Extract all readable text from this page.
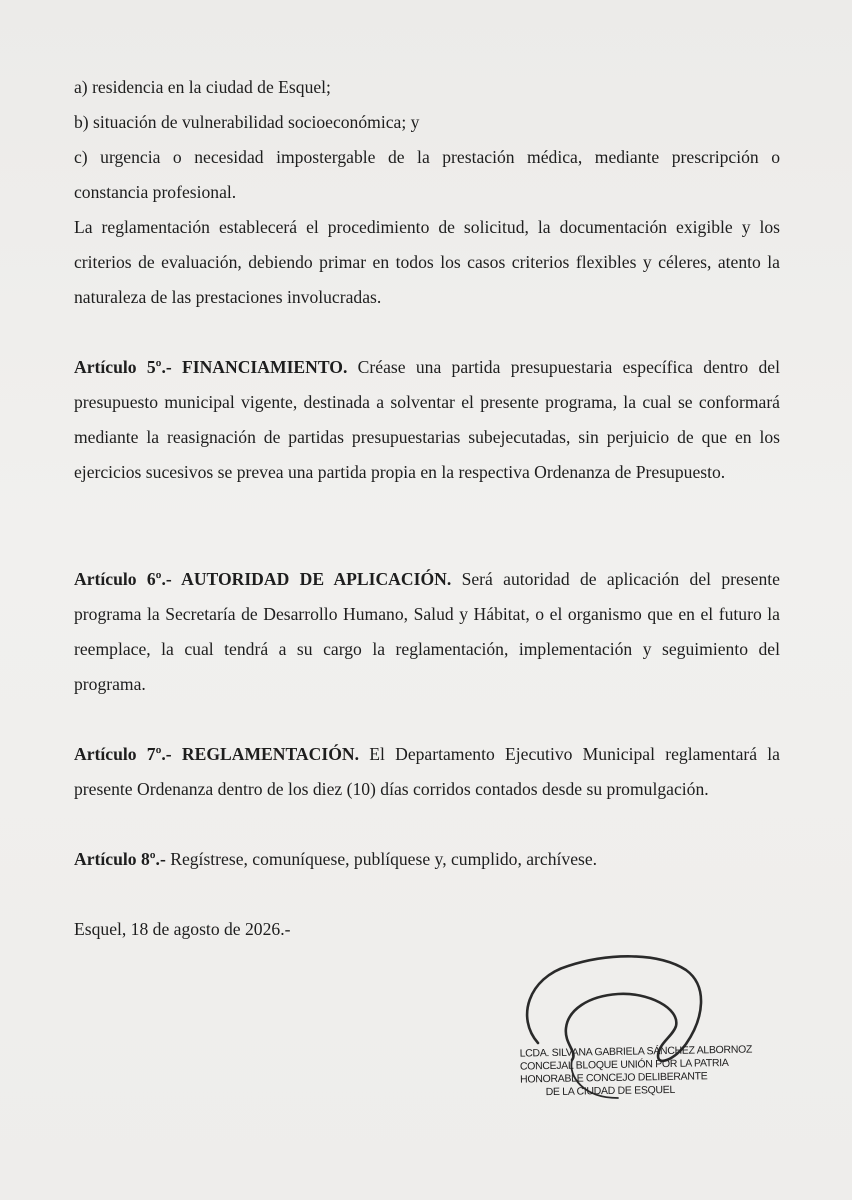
a) residencia en la ciudad de Esquel;

b) situación de vulnerabilidad socioeconómica; y

c) urgencia o necesidad impostergable de la prestación médica, mediante prescripción o

constancia profesional.

La reglamentación establecerá el procedimiento de solicitud, la documentación exigible y los criterios de evaluación, debiendo primar en todos los casos criterios flexibles y céleres, atento la naturaleza de las prestaciones involucradas.

Artículo 5º.- FINANCIAMIENTO. Créase una partida presupuestaria específica dentro del presupuesto municipal vigente, destinada a solventar el presente programa, la cual se conformará mediante la reasignación de partidas presupuestarias subejecutadas, sin perjuicio de que en los ejercicios sucesivos se prevea una partida propia en la respectiva Ordenanza de Presupuesto.

Artículo 6º.- AUTORIDAD DE APLICACIÓN. Será autoridad de aplicación del presente programa la Secretaría de Desarrollo Humano, Salud y Hábitat, o el organismo que en el futuro la reemplace, la cual tendrá a su cargo la reglamentación, implementación y seguimiento del programa.

Artículo 7º.- REGLAMENTACIÓN. El Departamento Ejecutivo Municipal reglamentará la presente Ordenanza dentro de los diez (10) días corridos contados desde su promulgación.

Artículo 8º.- Regístrese, comuníquese, publíquese y, cumplido, archívese.

Esquel, 18 de agosto de 2026.-

LCDA. SILVANA GABRIELA SÁNCHEZ ALBORNOZ
CONCEJAL BLOQUE UNIÓN POR LA PATRIA
HONORABLE CONCEJO DELIBERANTE
DE LA CIUDAD DE ESQUEL
